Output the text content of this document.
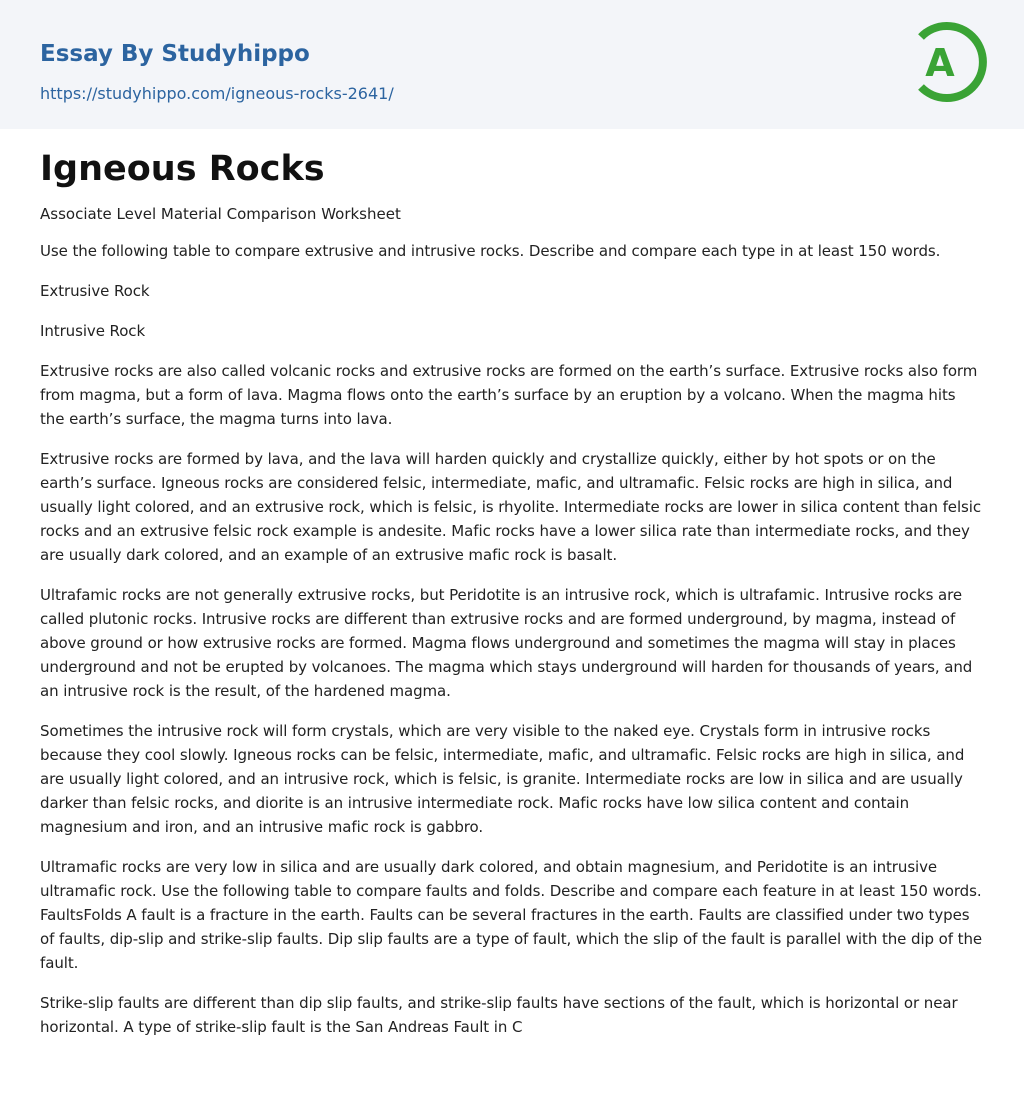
Essay By Studyhippo
https://studyhippo.com/igneous-rocks-2641/
A
Igneous Rocks
Associate Level Material Comparison Worksheet

Use the following table to compare extrusive and intrusive rocks. Describe and compare each type in at least 150 words.

Extrusive Rock

Intrusive Rock

Extrusive rocks are also called volcanic rocks and extrusive rocks are formed on the earth’s surface. Extrusive rocks also form from magma, but a form of lava. Magma flows onto the earth’s surface by an eruption by a volcano. When the magma hits the earth’s surface, the magma turns into lava.

Extrusive rocks are formed by lava, and the lava will harden quickly and crystallize quickly, either by hot spots or on the earth’s surface. Igneous rocks are considered felsic, intermediate, mafic, and ultramafic. Felsic rocks are high in silica, and usually light colored, and an extrusive rock, which is felsic, is rhyolite. Intermediate rocks are lower in silica content than felsic rocks and an extrusive felsic rock example is andesite. Mafic rocks have a lower silica rate than intermediate rocks, and they are usually dark colored, and an example of an extrusive mafic rock is basalt.

Ultrafamic rocks are not generally extrusive rocks, but Peridotite is an intrusive rock, which is ultrafamic. Intrusive rocks are called plutonic rocks. Intrusive rocks are different than extrusive rocks and are formed underground, by magma, instead of above ground or how extrusive rocks are formed. Magma flows underground and sometimes the magma will stay in places underground and not be erupted by volcanoes. The magma which stays underground will harden for thousands of years, and an intrusive rock is the result, of the hardened magma.

Sometimes the intrusive rock will form crystals, which are very visible to the naked eye. Crystals form in intrusive rocks because they cool slowly. Igneous rocks can be felsic, intermediate, mafic, and ultramafic. Felsic rocks are high in silica, and are usually light colored, and an intrusive rock, which is felsic, is granite. Intermediate rocks are low in silica and are usually darker than felsic rocks, and diorite is an intrusive intermediate rock. Mafic rocks have low silica content and contain magnesium and iron, and an intrusive mafic rock is gabbro.

Ultramafic rocks are very low in silica and are usually dark colored, and obtain magnesium, and Peridotite is an intrusive ultramafic rock. Use the following table to compare faults and folds. Describe and compare each feature in at least 150 words. FaultsFolds A fault is a fracture in the earth. Faults can be several fractures in the earth. Faults are classified under two types of faults, dip-slip and strike-slip faults. Dip slip faults are a type of fault, which the slip of the fault is parallel with the dip of the fault.

Strike-slip faults are different than dip slip faults, and strike-slip faults have sections of the fault, which is horizontal or near horizontal. A type of strike-slip fault is the San Andreas Fault in C
